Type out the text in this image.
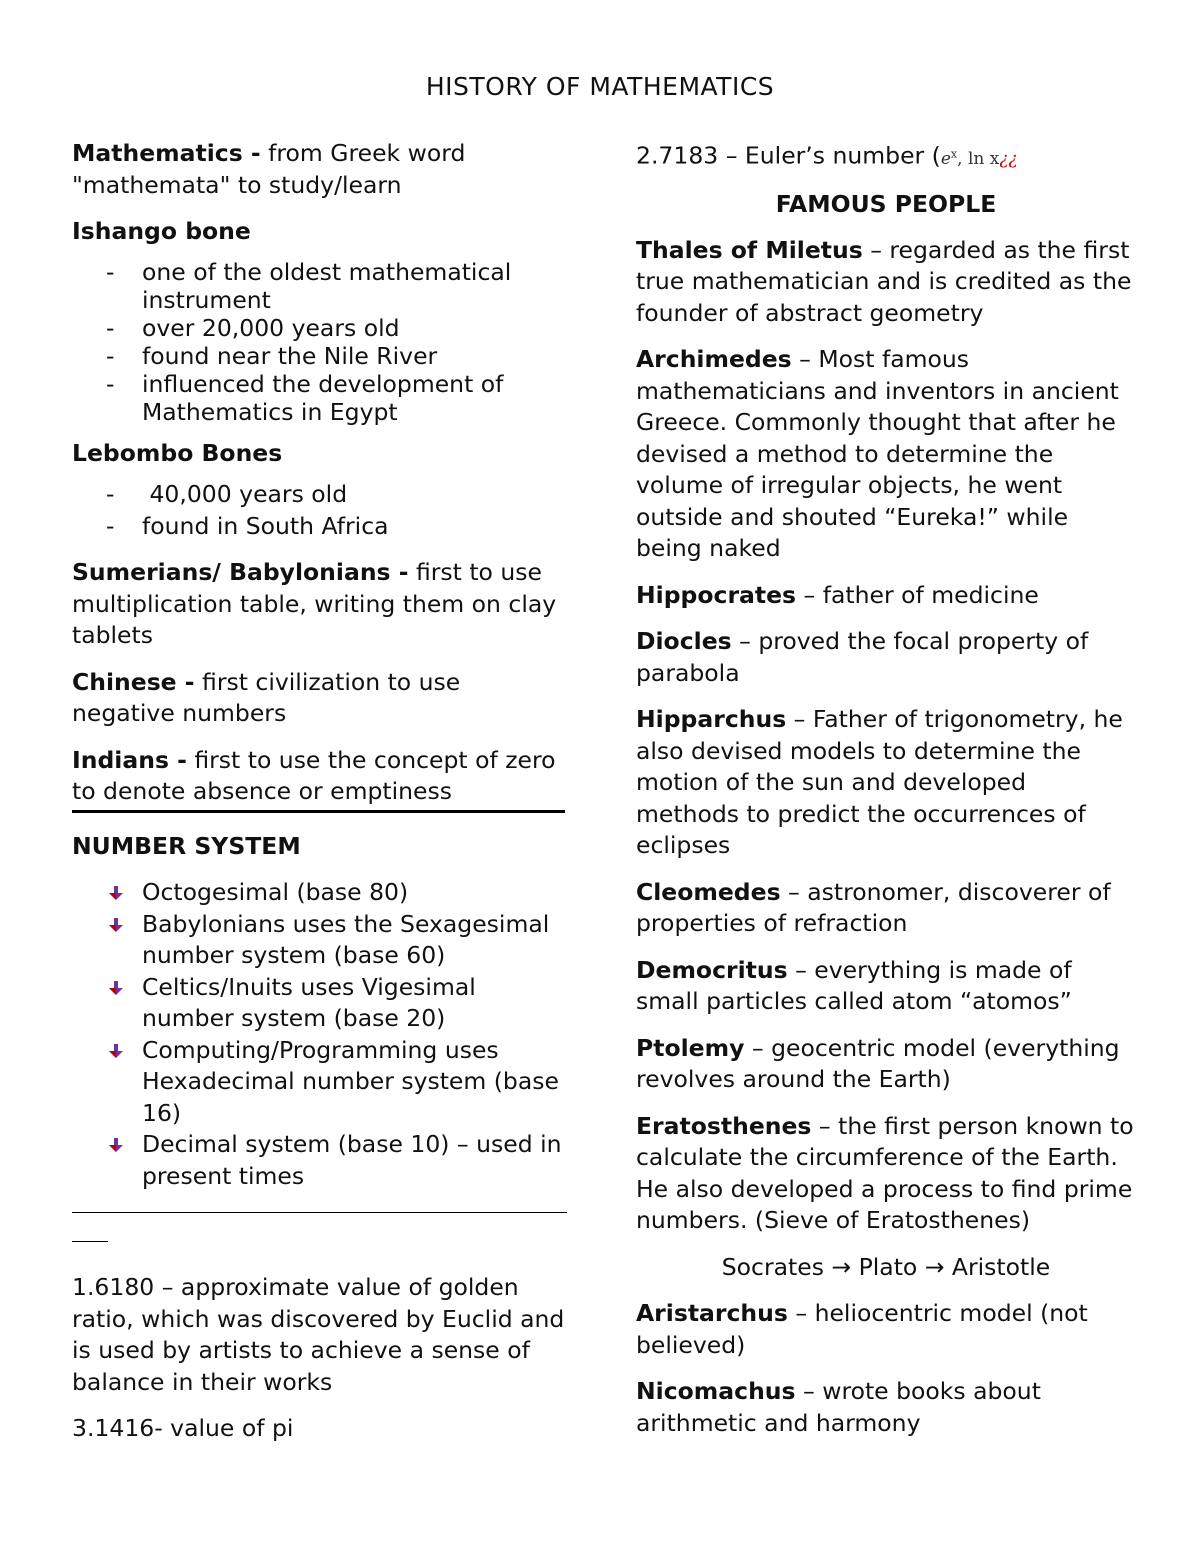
HISTORY OF MATHEMATICS

Mathematics - from Greek word "mathemata" to study/learn

Ishango bone
- one of the oldest mathematical instrument
- over 20,000 years old
- found near the Nile River
- influenced the development of Mathematics in Egypt
Lebombo Bones
- 40,000 years old
- found in South Africa

Sumerians/ Babylonians - first to use multiplication table, writing them on clay tablets

Chinese - first civilization to use negative numbers

Indians - first to use the concept of zero to denote absence or emptiness

NUMBER SYSTEM
Octogesimal (base 80)
Babylonians uses the Sexagesimal number system (base 60)
Celtics/Inuits uses Vigesimal number system (base 20)
Computing/Programming uses Hexadecimal number system (base 16)
Decimal system (base 10) – used in present times

1.6180 – approximate value of golden ratio, which was discovered by Euclid and is used by artists to achieve a sense of balance in their works

3.1416- value of pi

2.7183 – Euler’s number ($e^x$, ln x¿¿

FAMOUS PEOPLE

Thales of Miletus – regarded as the first true mathematician and is credited as the founder of abstract geometry

Archimedes – Most famous mathematicians and inventors in ancient Greece. Commonly thought that after he devised a method to determine the volume of irregular objects, he went outside and shouted “Eureka!” while being naked

Hippocrates – father of medicine

Diocles – proved the focal property of parabola

Hipparchus – Father of trigonometry, he also devised models to determine the motion of the sun and developed methods to predict the occurrences of eclipses

Cleomedes – astronomer, discoverer of properties of refraction

Democritus – everything is made of small particles called atom “atomos”

Ptolemy – geocentric model (everything revolves around the Earth)

Eratosthenes – the first person known to calculate the circumference of the Earth. He also developed a process to find prime numbers. (Sieve of Eratosthenes)

Socrates → Plato → Aristotle

Aristarchus – heliocentric model (not believed)

Nicomachus – wrote books about arithmetic and harmony
